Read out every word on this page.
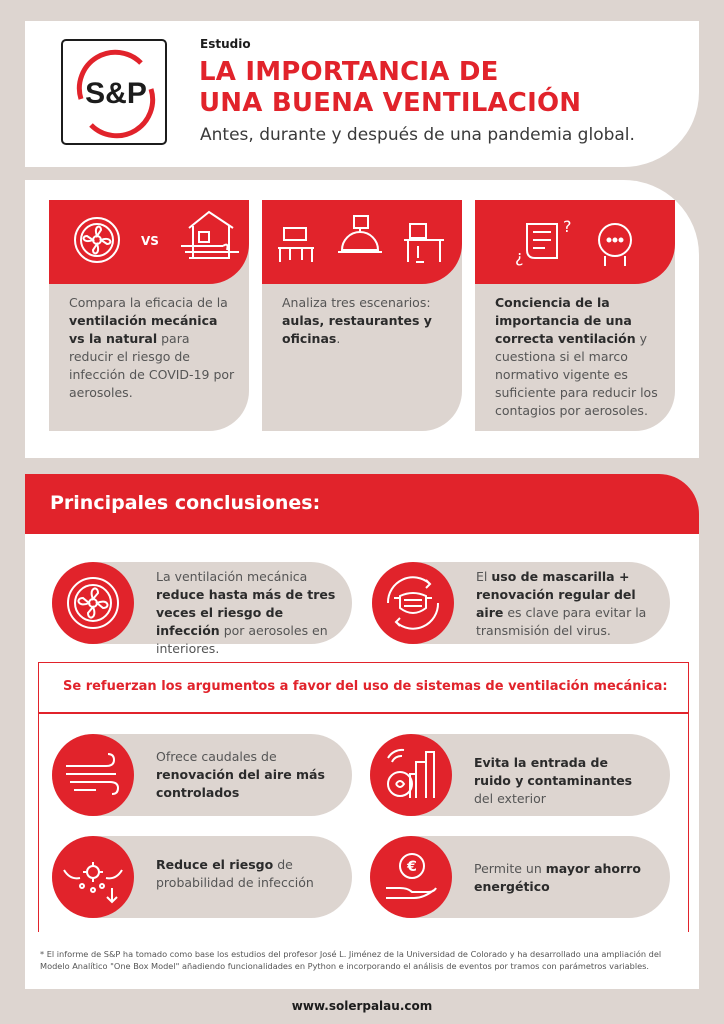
S&P
Estudio
LA IMPORTANCIA DE
UNA BUENA VENTILACIÓN
Antes, durante y después de una pandemia global.
VS
Compara la eficacia de la ventilación mecánica vs la natural para reducir el riesgo de infección de COVID-19 por aerosoles.
Analiza tres escenarios: aulas, restaurantes y oficinas.
¿
?
Conciencia de la importancia de una correcta ventilación y cuestiona si el marco normativo vigente es suficiente para reducir los contagios por aerosoles.
Principales conclusiones:
La ventilación mecánica reduce hasta más de tres veces el riesgo de infección por aerosoles en interiores.
El uso de mascarilla + renovación regular del aire es clave para evitar la transmisión del virus.
Se refuerzan los argumentos a favor del uso de sistemas de ventilación mecánica:
Ofrece caudales de renovación del aire más controlados
Evita la entrada de ruido y contaminantes del exterior
Reduce el riesgo de probabilidad de infección
€	Permite un mayor ahorro energético
* El informe de S&P ha tomado como base los estudios del profesor José L. Jiménez de la Universidad de Colorado y ha desarrollado una ampliación del Modelo Analítico "One Box Model" añadiendo funcionalidades en Python e incorporando el análisis de eventos por tramos con parámetros variables.
www.solerpalau.com
